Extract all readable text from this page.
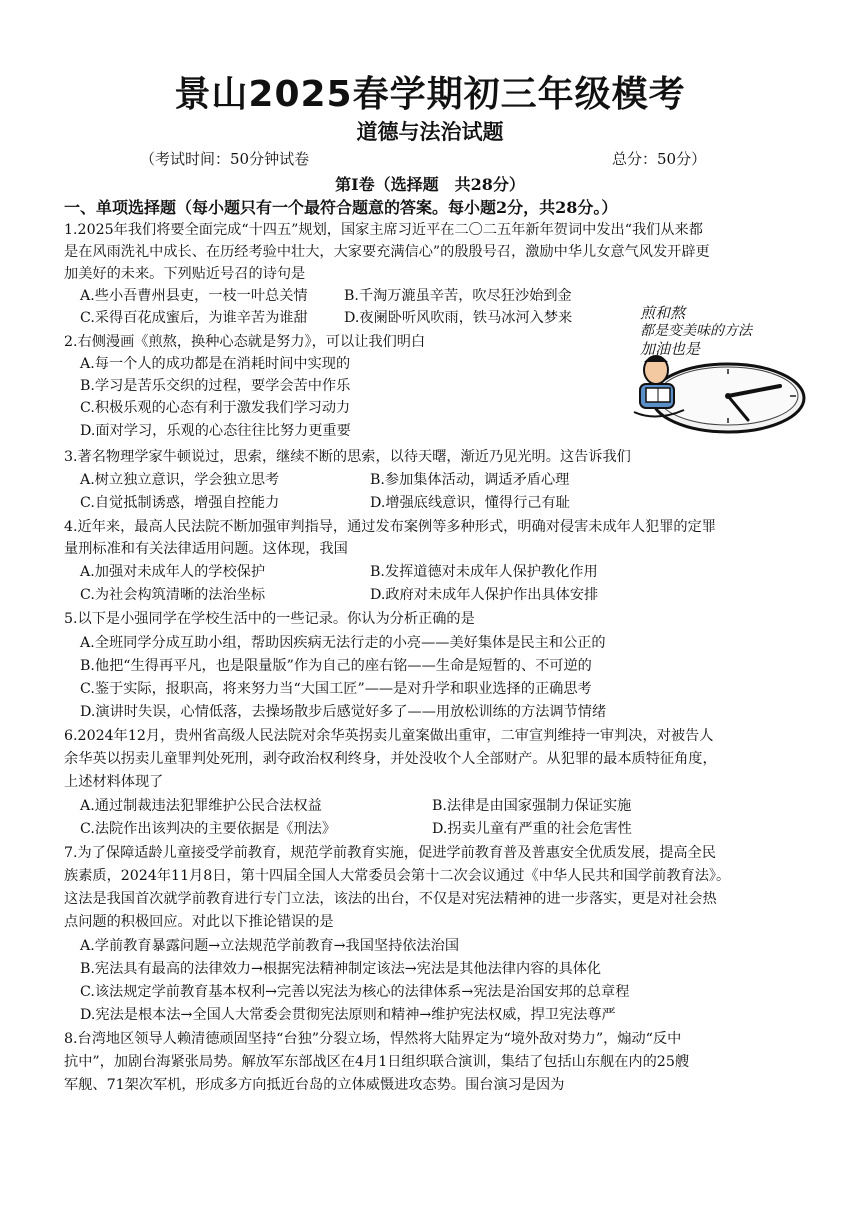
景山2025春学期初三年级模考
道德与法治试题
（考试时间：50分钟试卷	总分：50分）
第Ⅰ卷（选择题　共28分）
一、单项选择题（每小题只有一个最符合题意的答案。每小题2分，共28分。）
1.2025年我们将要全面完成“十四五”规划，国家主席习近平在二〇二五年新年贺词中发出“我们从来都
是在风雨洗礼中成长、在历经考验中壮大，大家要充满信心”的殷殷号召，激励中华儿女意气风发开辟更
加美好的未来。下列贴近号召的诗句是
A.些小吾曹州县吏，一枝一叶总关情	B.千淘万漉虽辛苦，吹尽狂沙始到金
C.采得百花成蜜后，为谁辛苦为谁甜	D.夜阑卧听风吹雨，铁马冰河入梦来
2.右侧漫画《煎熬，换种心态就是努力》，可以让我们明白
A.每一个人的成功都是在消耗时间中实现的
B.学习是苦乐交织的过程，要学会苦中作乐
C.积极乐观的心态有利于激发我们学习动力
D.面对学习，乐观的心态往往比努力更重要
煎和熬
都是变美味的方法
加油也是
3.著名物理学家牛顿说过，思索，继续不断的思索，以待天曙，渐近乃见光明。这告诉我们
A.树立独立意识，学会独立思考	B.参加集体活动，调适矛盾心理
C.自觉抵制诱惑，增强自控能力	D.增强底线意识，懂得行己有耻
4.近年来，最高人民法院不断加强审判指导，通过发布案例等多种形式，明确对侵害未成年人犯罪的定罪
量刑标准和有关法律适用问题。这体现，我国
A.加强对未成年人的学校保护	B.发挥道德对未成年人保护教化作用
C.为社会构筑清晰的法治坐标	D.政府对未成年人保护作出具体安排
5.以下是小强同学在学校生活中的一些记录。你认为分析正确的是
A.全班同学分成互助小组，帮助因疾病无法行走的小亮——美好集体是民主和公正的
B.他把“生得再平凡，也是限量版”作为自己的座右铭——生命是短暂的、不可逆的
C.鉴于实际，报职高，将来努力当“大国工匠”——是对升学和职业选择的正确思考
D.演讲时失误，心情低落，去操场散步后感觉好多了——用放松训练的方法调节情绪
6.2024年12月，贵州省高级人民法院对余华英拐卖儿童案做出重审，二审宣判维持一审判决，对被告人
余华英以拐卖儿童罪判处死刑，剥夺政治权利终身，并处没收个人全部财产。从犯罪的最本质特征角度，
上述材料体现了
A.通过制裁违法犯罪维护公民合法权益	B.法律是由国家强制力保证实施
C.法院作出该判决的主要依据是《刑法》	D.拐卖儿童有严重的社会危害性
7.为了保障适龄儿童接受学前教育，规范学前教育实施，促进学前教育普及普惠安全优质发展，提高全民
族素质，2024年11月8日，第十四届全国人大常委员会第十二次会议通过《中华人民共和国学前教育法》。
这法是我国首次就学前教育进行专门立法，该法的出台，不仅是对宪法精神的进一步落实，更是对社会热
点问题的积极回应。对此以下推论错误的是
A.学前教育暴露问题→立法规范学前教育→我国坚持依法治国
B.宪法具有最高的法律效力→根据宪法精神制定该法→宪法是其他法律内容的具体化
C.该法规定学前教育基本权利→完善以宪法为核心的法律体系→宪法是治国安邦的总章程
D.宪法是根本法→全国人大常委会贯彻宪法原则和精神→维护宪法权威，捍卫宪法尊严
8.台湾地区领导人赖清德顽固坚持“台独”分裂立场，悍然将大陆界定为“境外敌对势力”，煽动“反中
抗中”，加剧台海紧张局势。解放军东部战区在4月1日组织联合演训，集结了包括山东舰在内的25艘
军舰、71架次军机，形成多方向抵近台岛的立体威慑进攻态势。围台演习是因为
